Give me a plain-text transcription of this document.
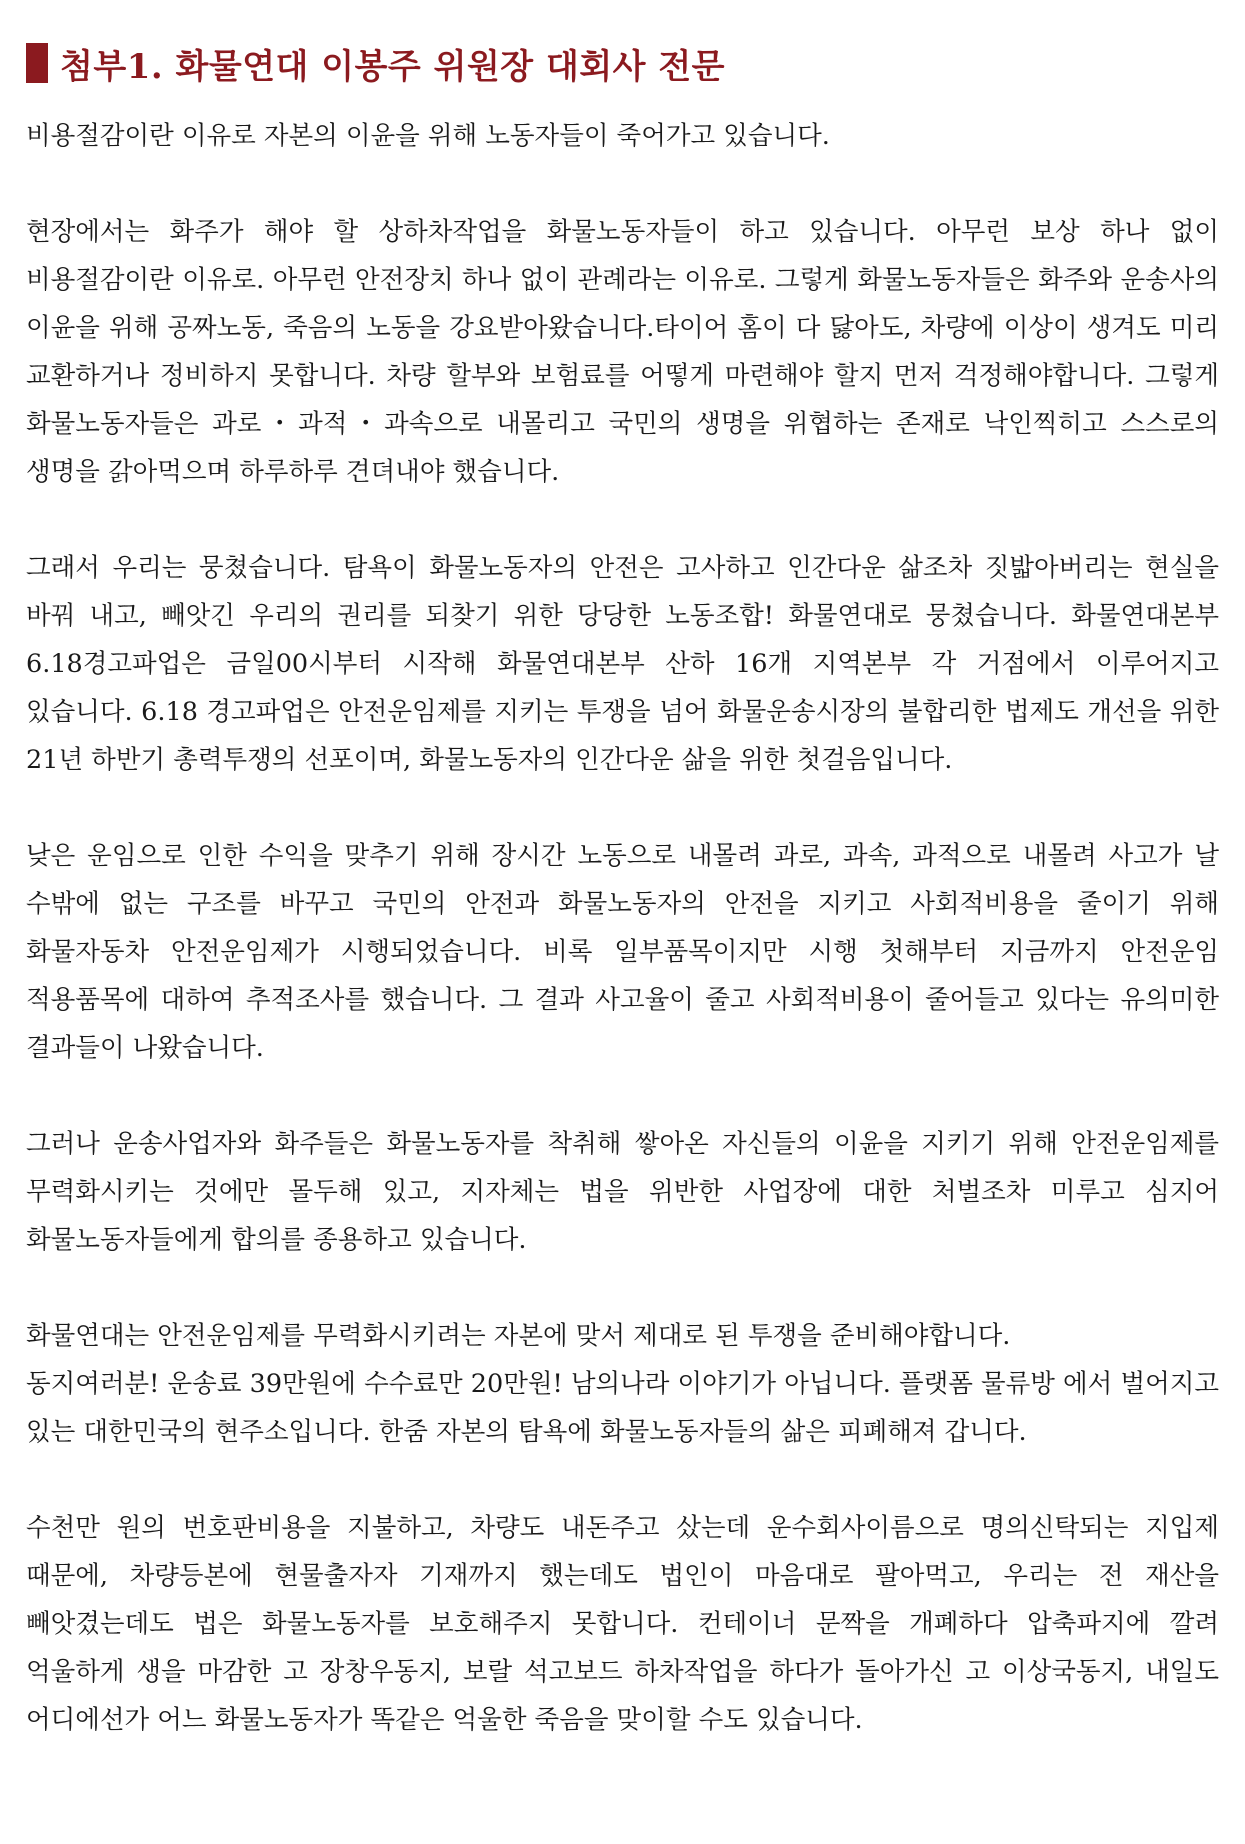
첨부1. 화물연대 이봉주 위원장 대회사 전문

비용절감이란 이유로 자본의 이윤을 위해 노동자들이 죽어가고 있습니다.

현장에서는 화주가 해야 할 상하차작업을 화물노동자들이 하고 있습니다. 아무런 보상 하나 없이 비용절감이란 이유로. 아무런 안전장치 하나 없이 관례라는 이유로. 그렇게 화물노동자들은 화주와 운송사의 이윤을 위해 공짜노동, 죽음의 노동을 강요받아왔습니다.타이어 홈이 다 닳아도, 차량에 이상이 생겨도 미리 교환하거나 정비하지 못합니다. 차량 할부와 보험료를 어떻게 마련해야 할지 먼저 걱정해야합니다. 그렇게 화물노동자들은 과로・과적・과속으로 내몰리고 국민의 생명을 위협하는 존재로 낙인찍히고 스스로의 생명을 갉아먹으며 하루하루 견뎌내야 했습니다.

그래서 우리는 뭉쳤습니다. 탐욕이 화물노동자의 안전은 고사하고 인간다운 삶조차 짓밟아버리는 현실을 바꿔 내고, 빼앗긴 우리의 권리를 되찾기 위한 당당한 노동조합! 화물연대로 뭉쳤습니다. 화물연대본부 6.18경고파업은 금일00시부터 시작해 화물연대본부 산하 16개 지역본부 각 거점에서 이루어지고 있습니다. 6.18 경고파업은 안전운임제를 지키는 투쟁을 넘어 화물운송시장의 불합리한 법제도 개선을 위한 21년 하반기 총력투쟁의 선포이며, 화물노동자의 인간다운 삶을 위한 첫걸음입니다.

낮은 운임으로 인한 수익을 맞추기 위해 장시간 노동으로 내몰려 과로, 과속, 과적으로 내몰려 사고가 날 수밖에 없는 구조를 바꾸고 국민의 안전과 화물노동자의 안전을 지키고 사회적비용을 줄이기 위해 화물자동차 안전운임제가 시행되었습니다. 비록 일부품목이지만 시행 첫해부터 지금까지 안전운임 적용품목에 대하여 추적조사를 했습니다. 그 결과 사고율이 줄고 사회적비용이 줄어들고 있다는 유의미한 결과들이 나왔습니다.

그러나 운송사업자와 화주들은 화물노동자를 착취해 쌓아온 자신들의 이윤을 지키기 위해 안전운임제를 무력화시키는 것에만 몰두해 있고, 지자체는 법을 위반한 사업장에 대한 처벌조차 미루고 심지어 화물노동자들에게 합의를 종용하고 있습니다.

화물연대는 안전운임제를 무력화시키려는 자본에 맞서 제대로 된 투쟁을 준비해야합니다.

동지여러분! 운송료 39만원에 수수료만 20만원! 남의나라 이야기가 아닙니다. 플랫폼 물류방 에서 벌어지고 있는 대한민국의 현주소입니다. 한줌 자본의 탐욕에 화물노동자들의 삶은 피폐해져 갑니다.

수천만 원의 번호판비용을 지불하고, 차량도 내돈주고 샀는데 운수회사이름으로 명의신탁되는 지입제 때문에, 차량등본에 현물출자자 기재까지 했는데도 법인이 마음대로 팔아먹고, 우리는 전 재산을 빼앗겼는데도 법은 화물노동자를 보호해주지 못합니다. 컨테이너 문짝을 개폐하다 압축파지에 깔려 억울하게 생을 마감한 고 장창우동지, 보랄 석고보드 하차작업을 하다가 돌아가신 고 이상국동지, 내일도 어디에선가 어느 화물노동자가 똑같은 억울한 죽음을 맞이할 수도 있습니다.
